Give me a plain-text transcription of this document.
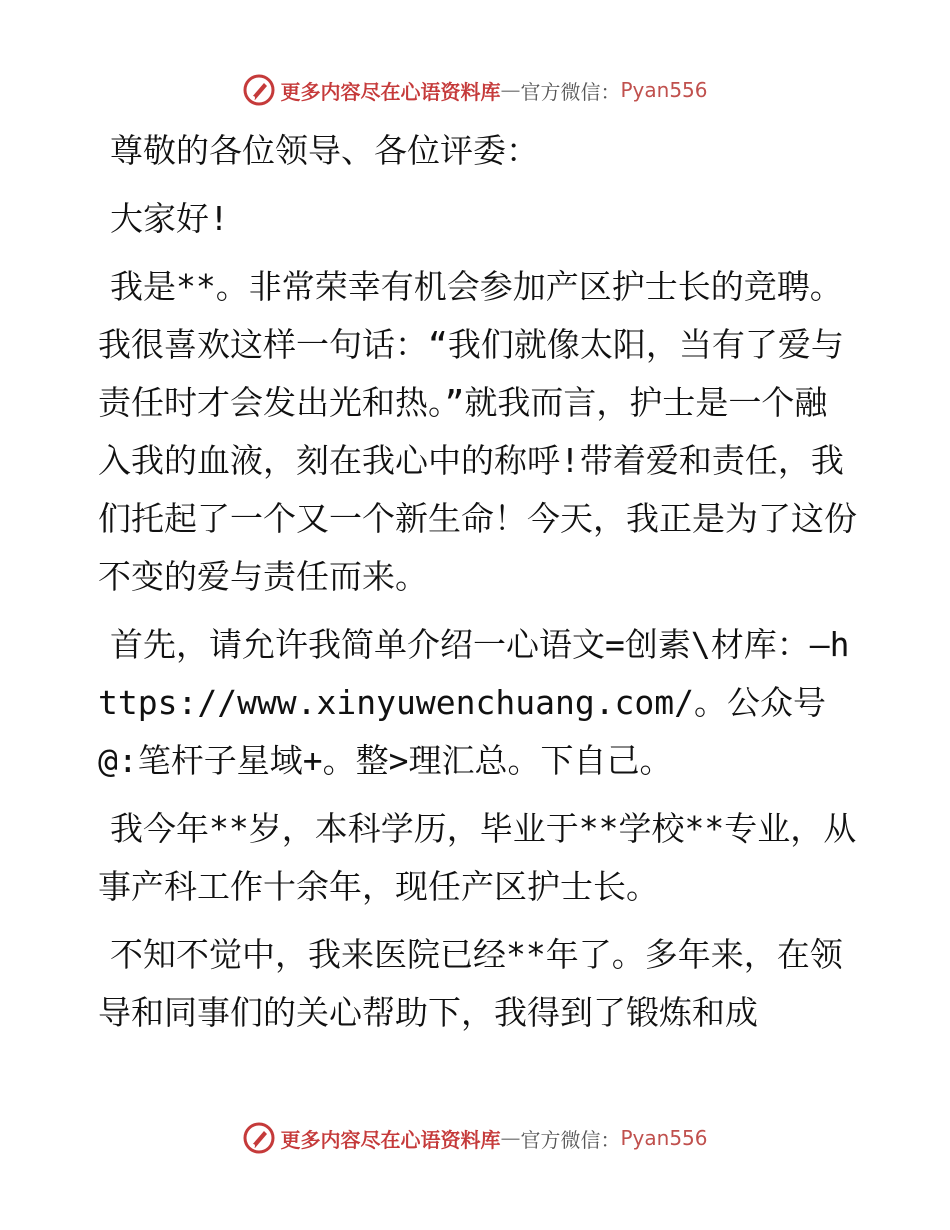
更多内容尽在心语资料库 — 官方微信： Pyan556

尊敬的各位领导、各位评委：

大家好!

我是**。非常荣幸有机会参加产区护士长的竞聘。我很喜欢这样一句话：“我们就像太阳，当有了爱与责任时才会发出光和热。”就我而言，护士是一个融入我的血液，刻在我心中的称呼!带着爱和责任，我们托起了一个又一个新生命！今天，我正是为了这份不变的爱与责任而来。

首先，请允许我简单介绍一心语文=创素\材库：—https://www.xinyuwenchuang.com/。公众号@:笔杆子星域+。整>理汇总。下自己。

我今年**岁，本科学历，毕业于**学校**专业，从事产科工作十余年，现任产区护士长。

不知不觉中，我来医院已经**年了。多年来，在领导和同事们的关心帮助下，我得到了锻炼和成

更多内容尽在心语资料库 — 官方微信： Pyan556
